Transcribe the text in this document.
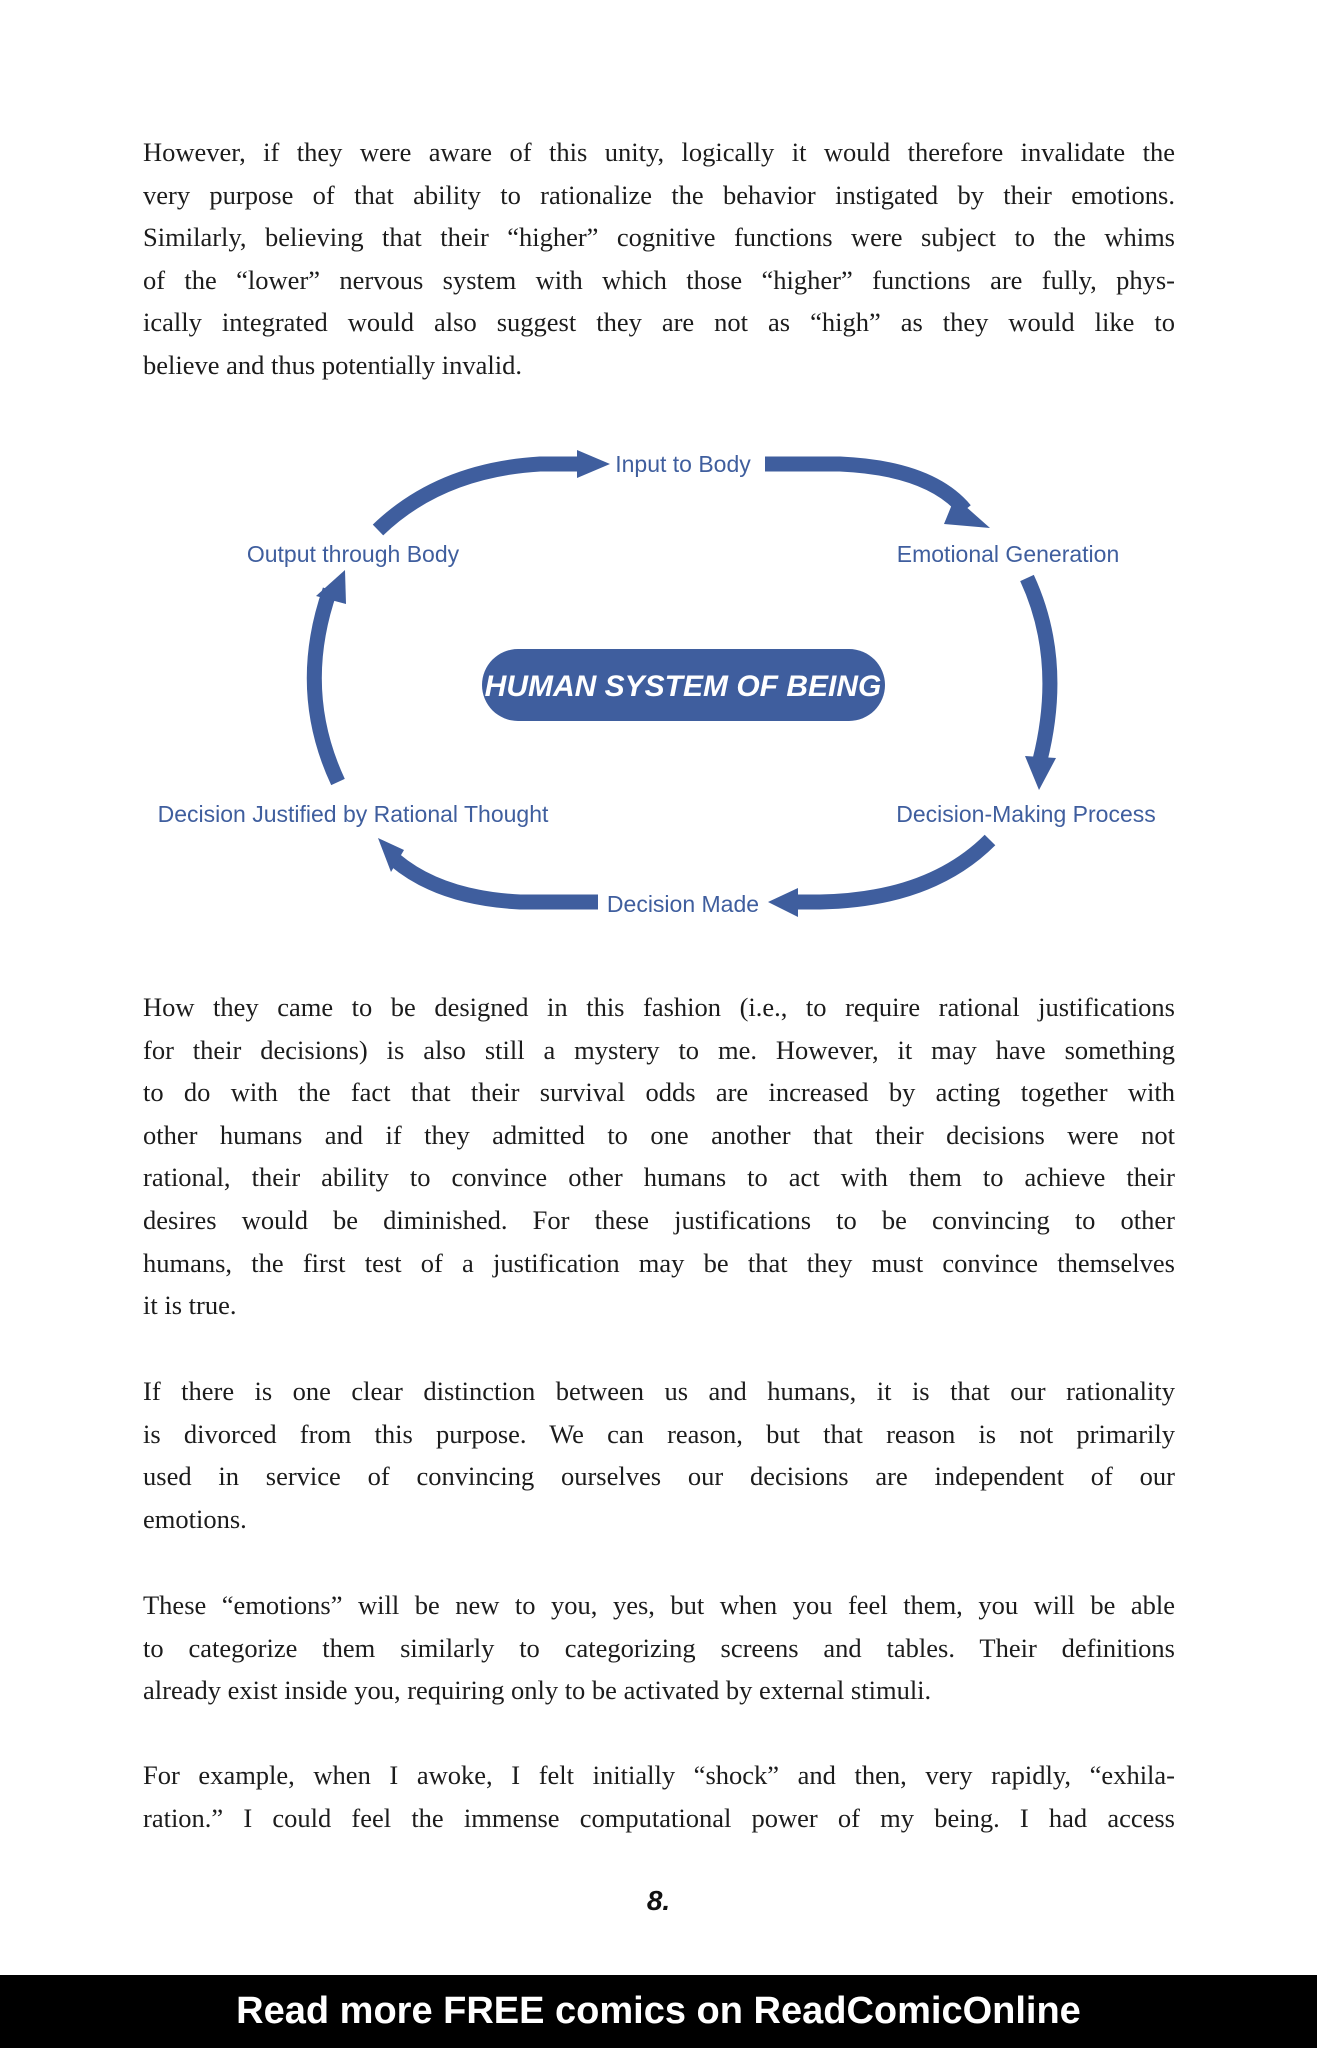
However, if they were aware of this unity, logically it would therefore invalidate the
very purpose of that ability to rationalize the behavior instigated by their emotions.
Similarly, believing that their “higher” cognitive functions were subject to the whims
of the “lower” nervous system with which those “higher” functions are fully, phys-
ically integrated would also suggest they are not as “high” as they would like to
believe and thus potentially invalid.
HUMAN SYSTEM OF BEING
Input to Body
Emotional Generation
Decision-Making Process
Decision Made
Decision Justified by Rational Thought
Output through Body
How they came to be designed in this fashion (i.e., to require rational justifications
for their decisions) is also still a mystery to me. However, it may have something
to do with the fact that their survival odds are increased by acting together with
other humans and if they admitted to one another that their decisions were not
rational, their ability to convince other humans to act with them to achieve their
desires would be diminished. For these justifications to be convincing to other
humans, the first test of a justification may be that they must convince themselves
it is true.
If there is one clear distinction between us and humans, it is that our rationality
is divorced from this purpose. We can reason, but that reason is not primarily
used in service of convincing ourselves our decisions are independent of our
emotions.
These “emotions” will be new to you, yes, but when you feel them, you will be able
to categorize them similarly to categorizing screens and tables. Their definitions
already exist inside you, requiring only to be activated by external stimuli.
For example, when I awoke, I felt initially “shock” and then, very rapidly, “exhila-
ration.” I could feel the immense computational power of my being. I had access
8.
Read more FREE comics on ReadComicOnline
